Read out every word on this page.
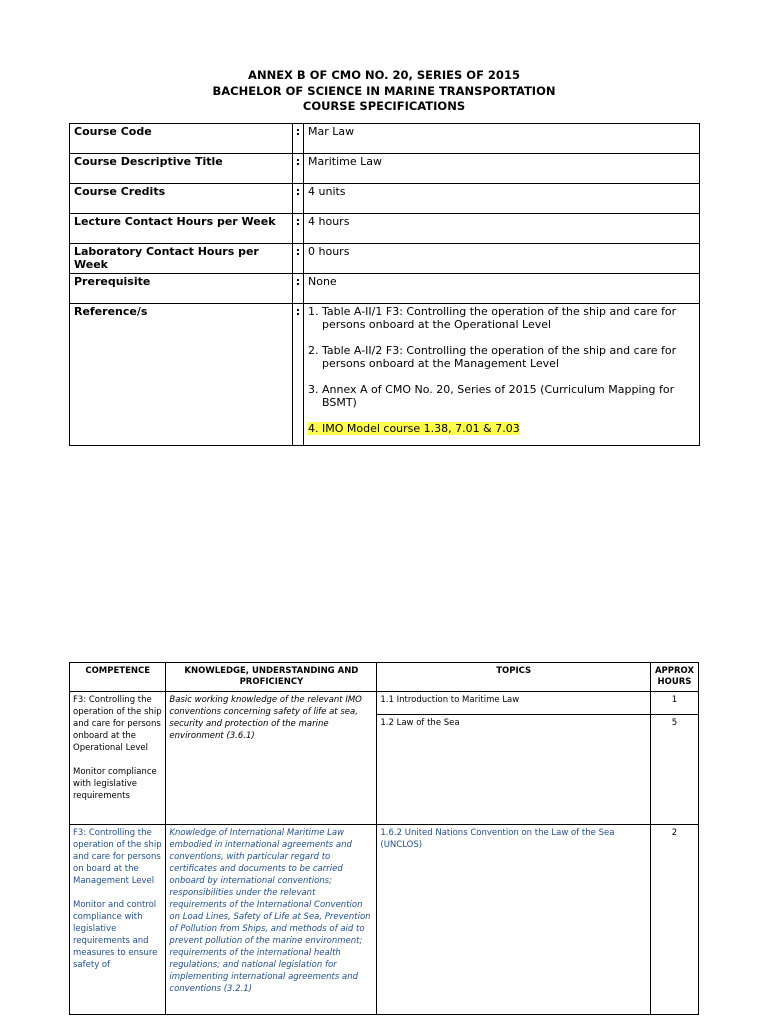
ANNEX B OF CMO NO. 20, SERIES OF 2015
BACHELOR OF SCIENCE IN MARINE TRANSPORTATION
COURSE SPECIFICATIONS
Course Code	:	Mar Law
Course Descriptive Title	:	Maritime Law
Course Credits	:	4 units
Lecture Contact Hours per Week	:	4 hours
Laboratory Contact Hours per Week	:	0 hours
Prerequisite	:	None
Reference/s	:	1. Table A-II/1 F3: Controlling the operation of the ship and care for persons onboard at the Operational Level

2. Table A-II/2 F3: Controlling the operation of the ship and care for persons onboard at the Management Level

3. Annex A of CMO No. 20, Series of 2015 (Curriculum Mapping for BSMT)

4. IMO Model course 1.38, 7.01 & 7.03

COMPETENCE	KNOWLEDGE, UNDERSTANDING AND PROFICIENCY	TOPICS	APPROX HOURS

F3: Controlling the operation of the ship and care for persons onboard at the Operational Level
Monitor compliance with legislative requirements	Basic working knowledge of the relevant IMO conventions concerning safety of life at sea, security and protection of the marine environment (3.6.1)	1.1 Introduction to Maritime Law	1
		1.2 Law of the Sea	5

F3: Controlling the operation of the ship and care for persons on board at the Management Level
Monitor and control compliance with legislative requirements and measures to ensure safety of	Knowledge of International Maritime Law embodied in international agreements and conventions, with particular regard to certificates and documents to be carried onboard by international conventions; responsibilities under the relevant requirements of the International Convention on Load Lines, Safety of Life at Sea, Prevention of Pollution from Ships, and methods of aid to prevent pollution of the marine environment; requirements of the international health regulations; and national legislation for implementing international agreements and conventions (3.2.1)	1.6.2 United Nations Convention on the Law of the Sea (UNCLOS)	2
